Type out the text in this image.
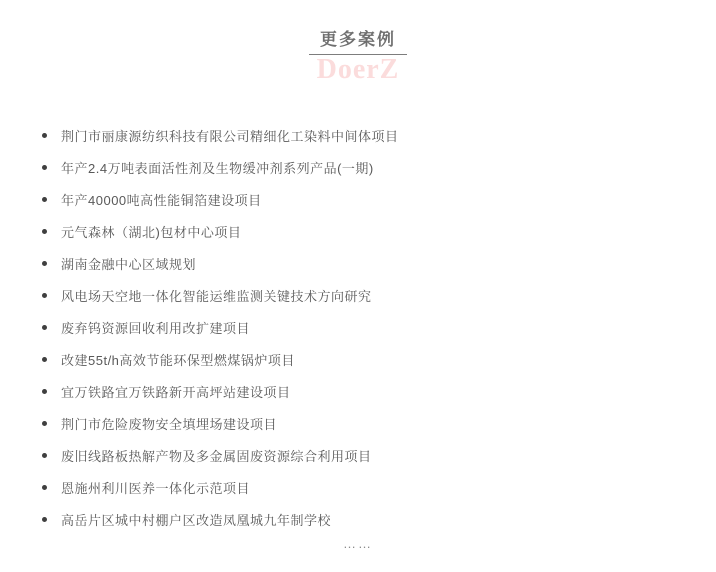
更多案例
DoerZ
荆门市丽康源纺织科技有限公司精细化工染料中间体项目
年产2.4万吨表面活性剂及生物缓冲剂系列产品(一期)
年产40000吨高性能铜箔建设项目
元气森林（湖北)包材中心项目
湖南金融中心区域规划
风电场天空地一体化智能运维监测关键技术方向研究
废弃钨资源回收利用改扩建项目
改建55t/h高效节能环保型燃煤锅炉项目
宜万铁路宜万铁路新开高坪站建设项目
荆门市危险废物安全填埋场建设项目
废旧线路板热解产物及多金属固废资源综合利用项目
恩施州利川医养一体化示范项目
高岳片区城中村棚户区改造凤凰城九年制学校
……
